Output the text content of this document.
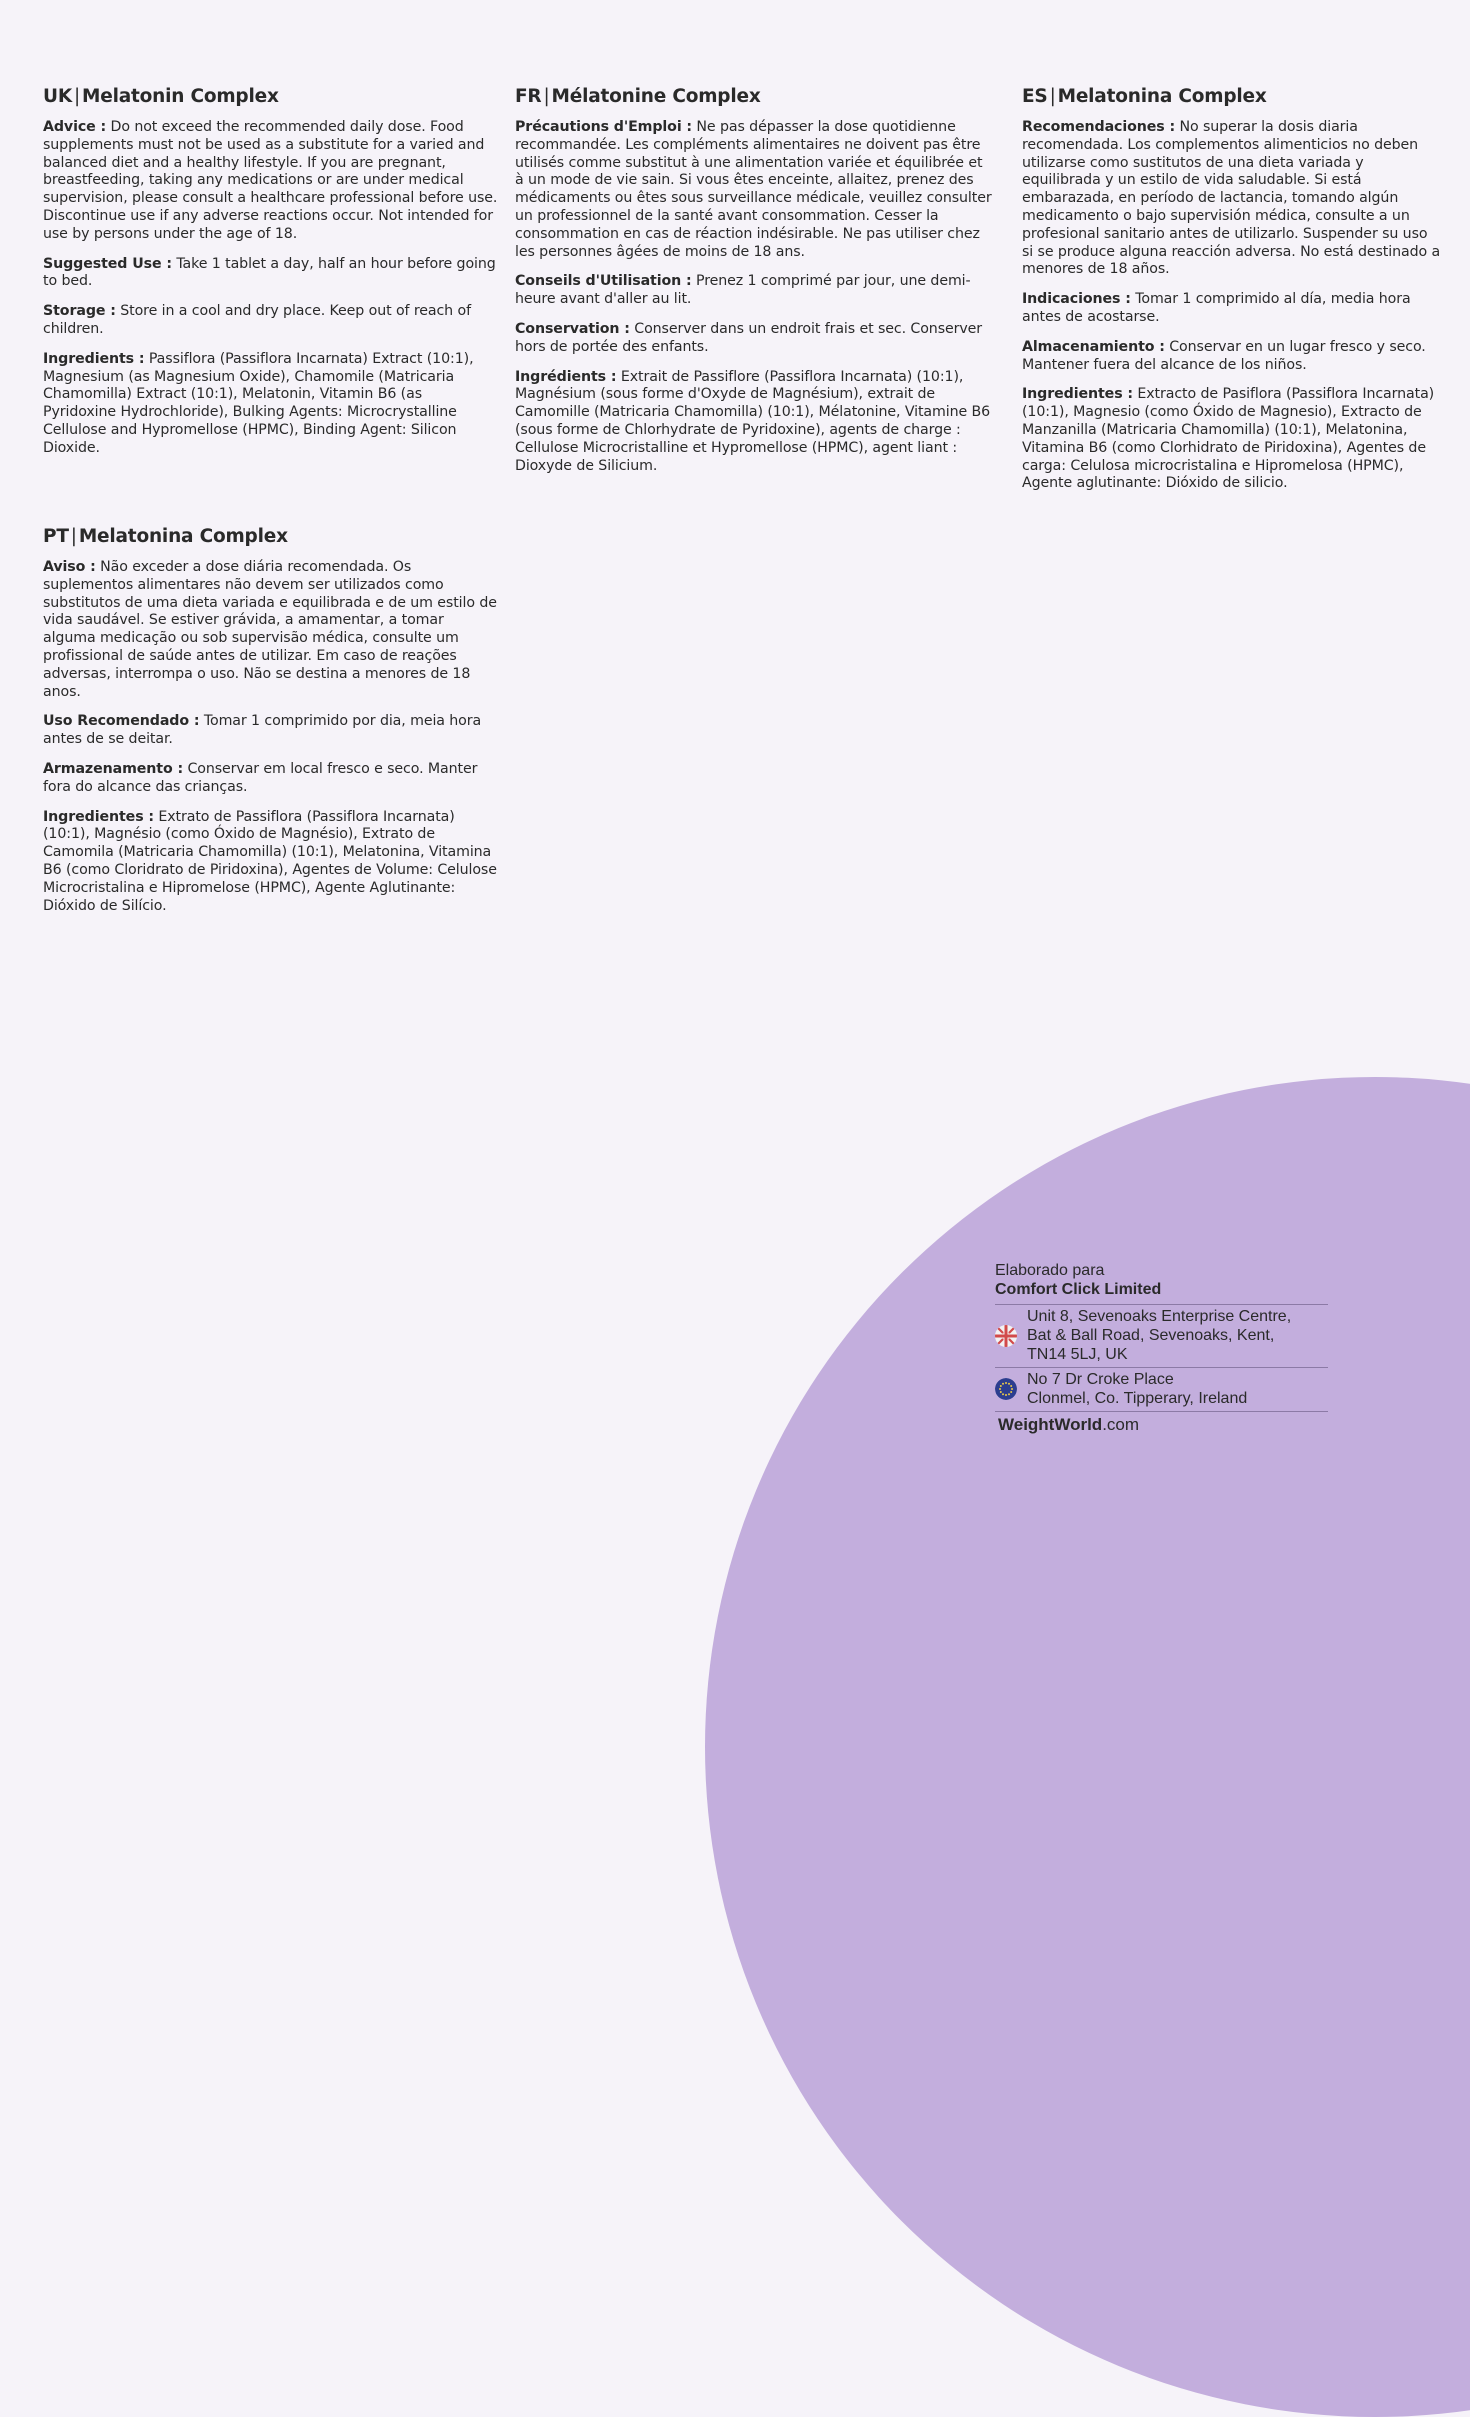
UK | Melatonin Complex

Advice : Do not exceed the recommended daily dose. Food supplements must not be used as a substitute for a varied and balanced diet and a healthy lifestyle. If you are pregnant, breastfeeding, taking any medications or are under medical supervision, please consult a healthcare professional before use. Discontinue use if any adverse reactions occur. Not intended for use by persons under the age of 18.

Suggested Use : Take 1 tablet a day, half an hour before going to bed.

Storage : Store in a cool and dry place. Keep out of reach of children.

Ingredients : Passiflora (Passiflora Incarnata) Extract (10:1), Magnesium (as Magnesium Oxide), Chamomile (Matricaria Chamomilla) Extract (10:1), Melatonin, Vitamin B6 (as Pyridoxine Hydrochloride), Bulking Agents: Microcrystalline Cellulose and Hypromellose (HPMC), Binding Agent: Silicon Dioxide.

FR | Mélatonine Complex

Précautions d'Emploi : Ne pas dépasser la dose quotidienne recommandée. Les compléments alimentaires ne doivent pas être utilisés comme substitut à une alimentation variée et équilibrée et à un mode de vie sain. Si vous êtes enceinte, allaitez, prenez des médicaments ou êtes sous surveillance médicale, veuillez consulter un professionnel de la santé avant consommation. Cesser la consommation en cas de réaction indésirable. Ne pas utiliser chez les personnes âgées de moins de 18 ans.

Conseils d'Utilisation : Prenez 1 comprimé par jour, une demi-heure avant d'aller au lit.

Conservation : Conserver dans un endroit frais et sec. Conserver hors de portée des enfants.

Ingrédients : Extrait de Passiflore (Passiflora Incarnata) (10:1), Magnésium (sous forme d'Oxyde de Magnésium), extrait de Camomille (Matricaria Chamomilla) (10:1), Mélatonine, Vitamine B6 (sous forme de Chlorhydrate de Pyridoxine), agents de charge : Cellulose Microcristalline et Hypromellose (HPMC), agent liant : Dioxyde de Silicium.

ES | Melatonina Complex

Recomendaciones : No superar la dosis diaria recomendada. Los complementos alimenticios no deben utilizarse como sustitutos de una dieta variada y equilibrada y un estilo de vida saludable. Si está embarazada, en período de lactancia, tomando algún medicamento o bajo supervisión médica, consulte a un profesional sanitario antes de utilizarlo. Suspender su uso si se produce alguna reacción adversa. No está destinado a menores de 18 años.

Indicaciones : Tomar 1 comprimido al día, media hora antes de acostarse.

Almacenamiento : Conservar en un lugar fresco y seco. Mantener fuera del alcance de los niños.

Ingredientes : Extracto de Pasiflora (Passiflora Incarnata) (10:1), Magnesio (como Óxido de Magnesio), Extracto de Manzanilla (Matricaria Chamomilla) (10:1), Melatonina, Vitamina B6 (como Clorhidrato de Piridoxina), Agentes de carga: Celulosa microcristalina e Hipromelosa (HPMC), Agente aglutinante: Dióxido de silicio.

PT | Melatonina Complex

Aviso : Não exceder a dose diária recomendada. Os suplementos alimentares não devem ser utilizados como substitutos de uma dieta variada e equilibrada e de um estilo de vida saudável. Se estiver grávida, a amamentar, a tomar alguma medicação ou sob supervisão médica, consulte um profissional de saúde antes de utilizar. Em caso de reações adversas, interrompa o uso. Não se destina a menores de 18 anos.

Uso Recomendado : Tomar 1 comprimido por dia, meia hora antes de se deitar.

Armazenamento : Conservar em local fresco e seco. Manter fora do alcance das crianças.

Ingredientes : Extrato de Passiflora (Passiflora Incarnata) (10:1), Magnésio (como Óxido de Magnésio), Extrato de Camomila (Matricaria Chamomilla) (10:1), Melatonina, Vitamina B6 (como Cloridrato de Piridoxina), Agentes de Volume: Celulose Microcristalina e Hipromelose (HPMC), Agente Aglutinante: Dióxido de Silício.

Elaborado para
Comfort Click Limited
Unit 8, Sevenoaks Enterprise Centre,
Bat & Ball Road, Sevenoaks, Kent,
TN14 5LJ, UK
No 7 Dr Croke Place
Clonmel, Co. Tipperary, Ireland
WeightWorld.com
